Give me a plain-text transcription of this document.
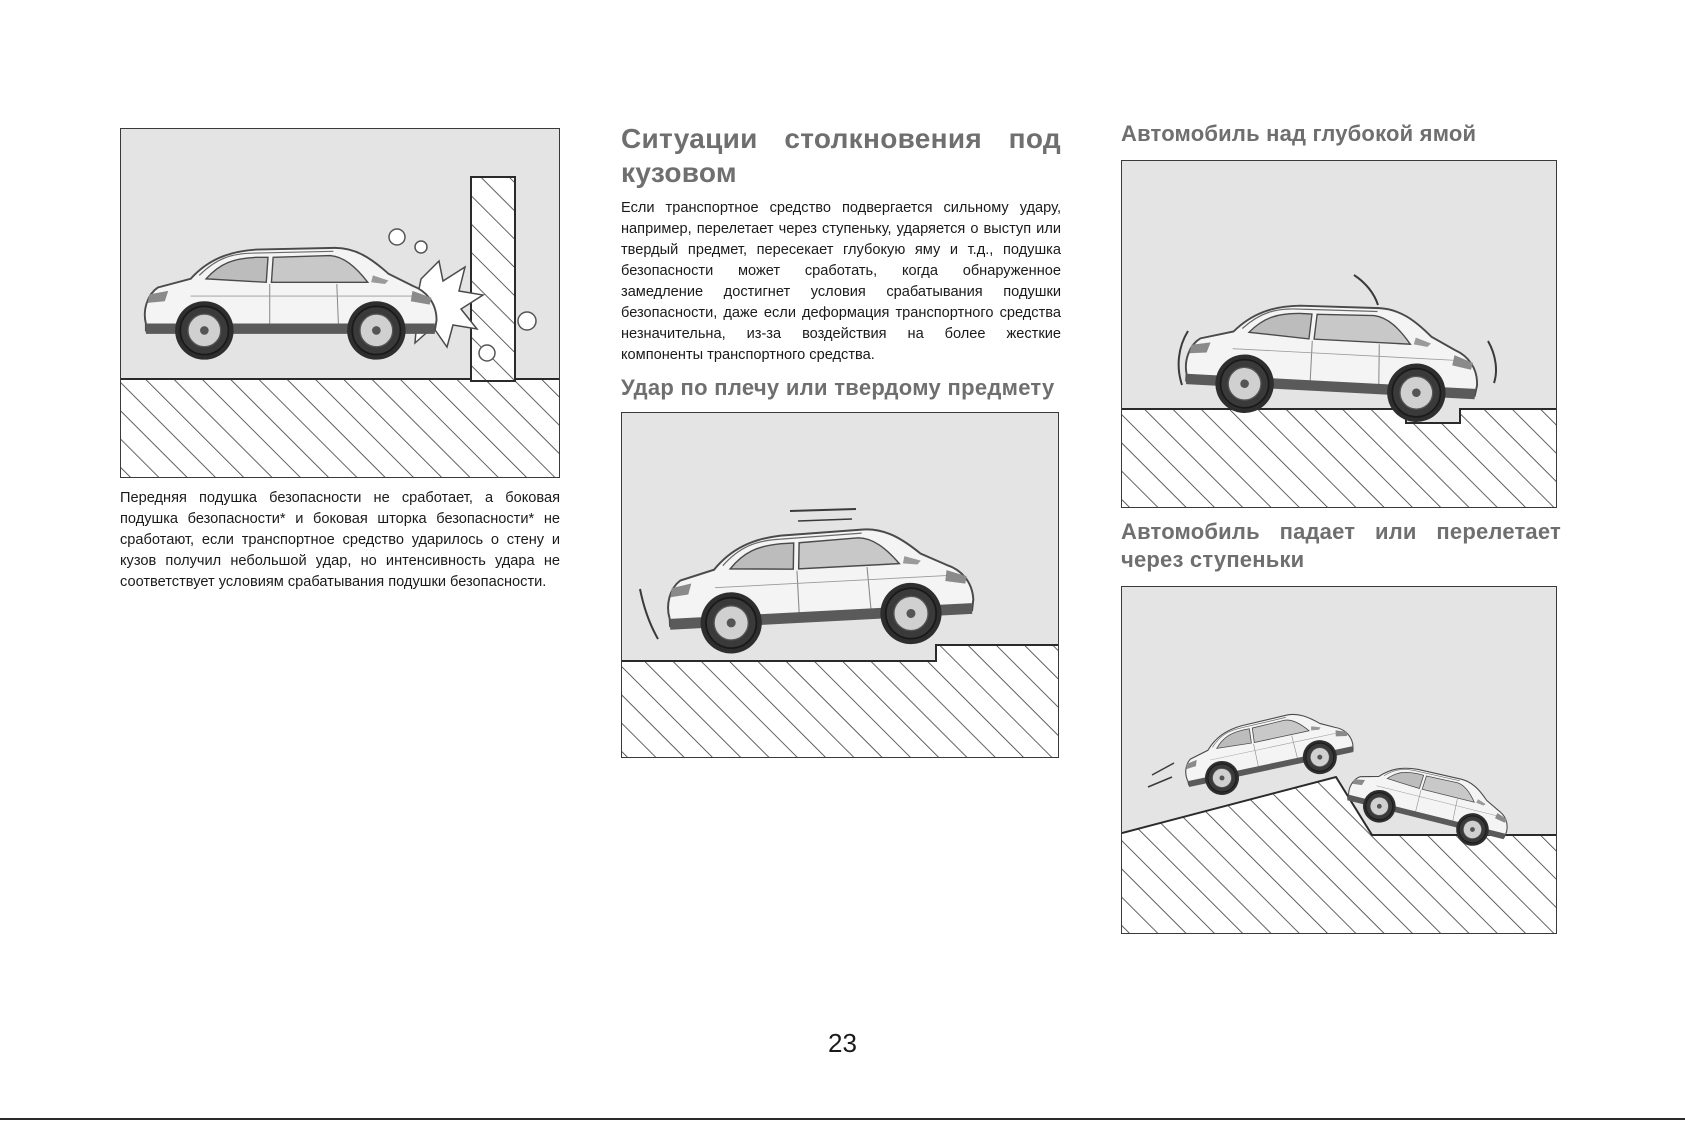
Передняя подушка безопасности не сработает, а боковая подушка безопасности* и боковая шторка безопасности* не сработают, если транспортное средство ударилось о стену и кузов получил небольшой удар, но интенсивность удара не соответствует условиям срабатывания подушки безопасности.

Ситуации столкновения под кузовом

Если транспортное средство подвергается сильному удару, например, перелетает через ступеньку, ударяется о выступ или твердый предмет, пересекает глубокую яму и т.д., подушка безопасности может сработать, когда обнаруженное замедление достигнет условия срабатывания подушки безопасности, даже если деформация транспортного средства незначительна, из-за воздействия на более жесткие компоненты транспортного средства.

Удар по плечу или твердому предмету
Автомобиль над глубокой ямой
Автомобиль падает или перелетает через ступеньки
23
